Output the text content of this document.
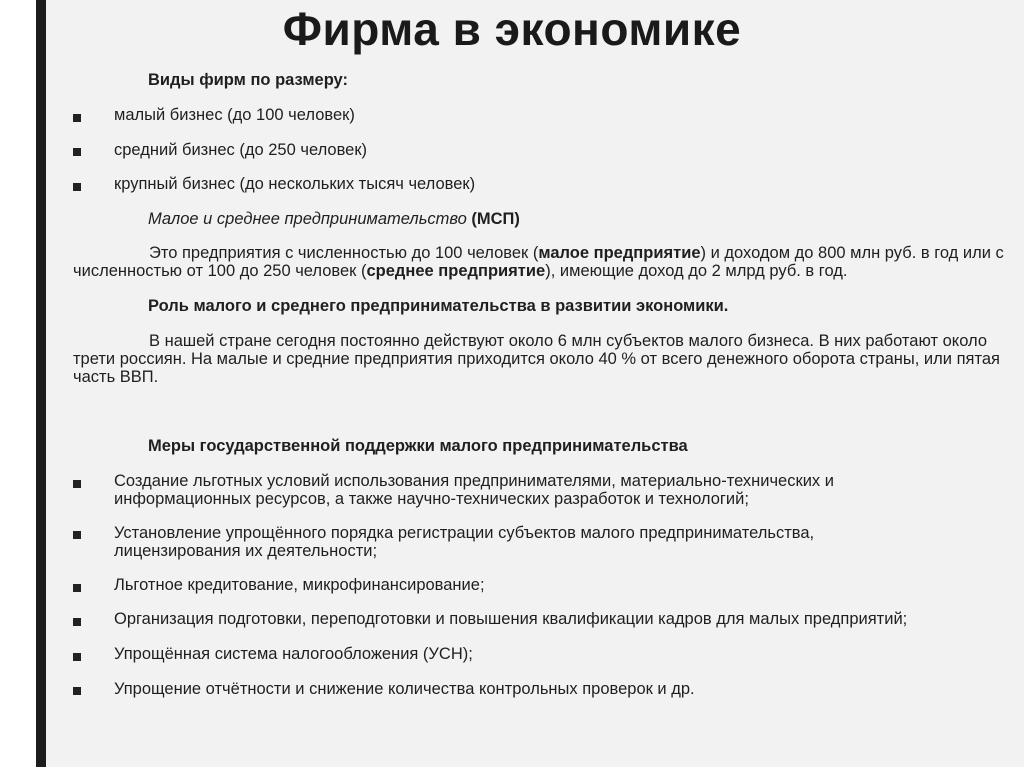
Фирма в экономике
Виды фирм по размеру:
малый бизнес (до 100 человек)
средний бизнес (до 250 человек)
крупный бизнес (до нескольких тысяч человек)
Малое и среднее предпринимательство (МСП)
Это предприятия с численностью до 100 человек (малое предприятие) и доходом до 800 млн руб. в год или с численностью от 100 до 250 человек (среднее предприятие), имеющие доход до 2 млрд руб. в год.
Роль малого и среднего предпринимательства в развитии экономики.
В нашей стране сегодня постоянно действуют около 6 млн субъектов малого бизнеса. В них работают около трети россиян. На малые и средние предприятия приходится около 40 % от всего денежного оборота страны, или пятая часть ВВП.
Меры государственной поддержки малого предпринимательства
Создание льготных условий использования предпринимателями, материально-технических и
информационных ресурсов, а также научно-технических разработок и технологий;
Установление упрощённого порядка регистрации субъектов малого предпринимательства,
лицензирования их деятельности;
Льготное кредитование, микрофинансирование;
Организация подготовки, переподготовки и повышения квалификации кадров для малых предприятий;
Упрощённая система налогообложения (УСН);
Упрощение отчётности и снижение количества контрольных проверок и др.
